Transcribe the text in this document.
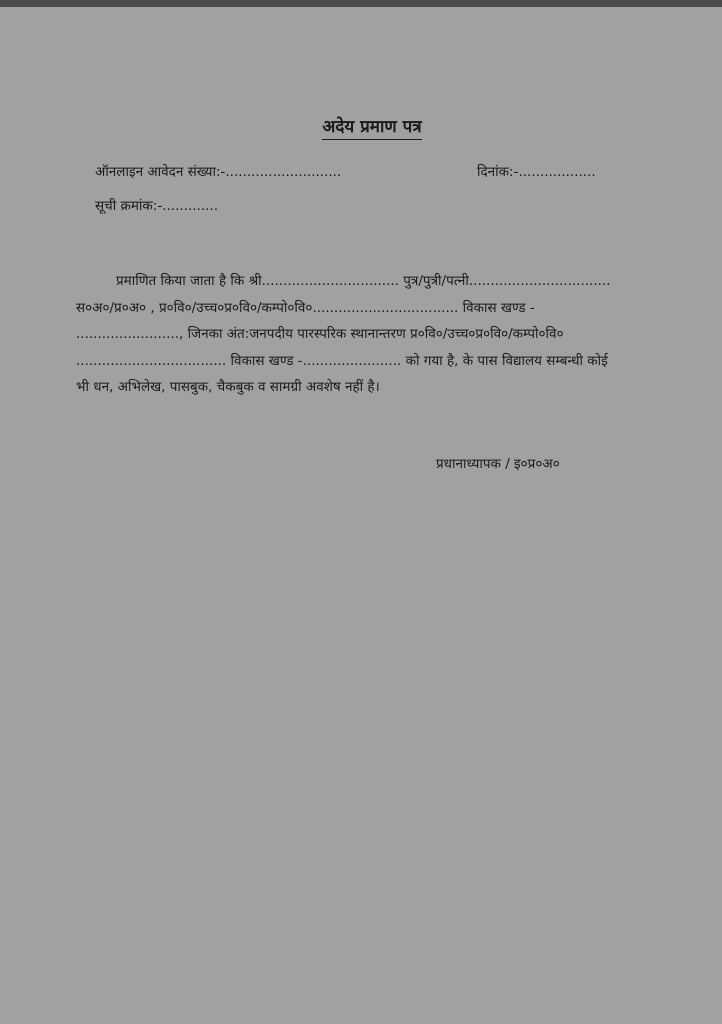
अदेय प्रमाण पत्र
ऑनलाइन आवेदन संख्या:-...........................	दिनांक:-..................
सूची क्रमांक:-.............
प्रमाणित किया जाता है कि श्री................................ पुत्र/पुत्री/पत्नी.................................
स०अ०/प्र०अ० , प्र०वि०/उच्च०प्र०वि०/कम्पो०वि०.................................. विकास खण्ड -
........................, जिनका अंत:जनपदीय पारस्परिक स्थानान्तरण प्र०वि०/उच्च०प्र०वि०/कम्पो०वि०
................................... विकास खण्ड -....................... को गया है, के पास विद्यालय सम्बन्धी कोई
भी धन, अभिलेख, पासबुक, चैकबुक व सामग्री अवशेष नहीं है।
प्रधानाध्यापक / इ०प्र०अ०
